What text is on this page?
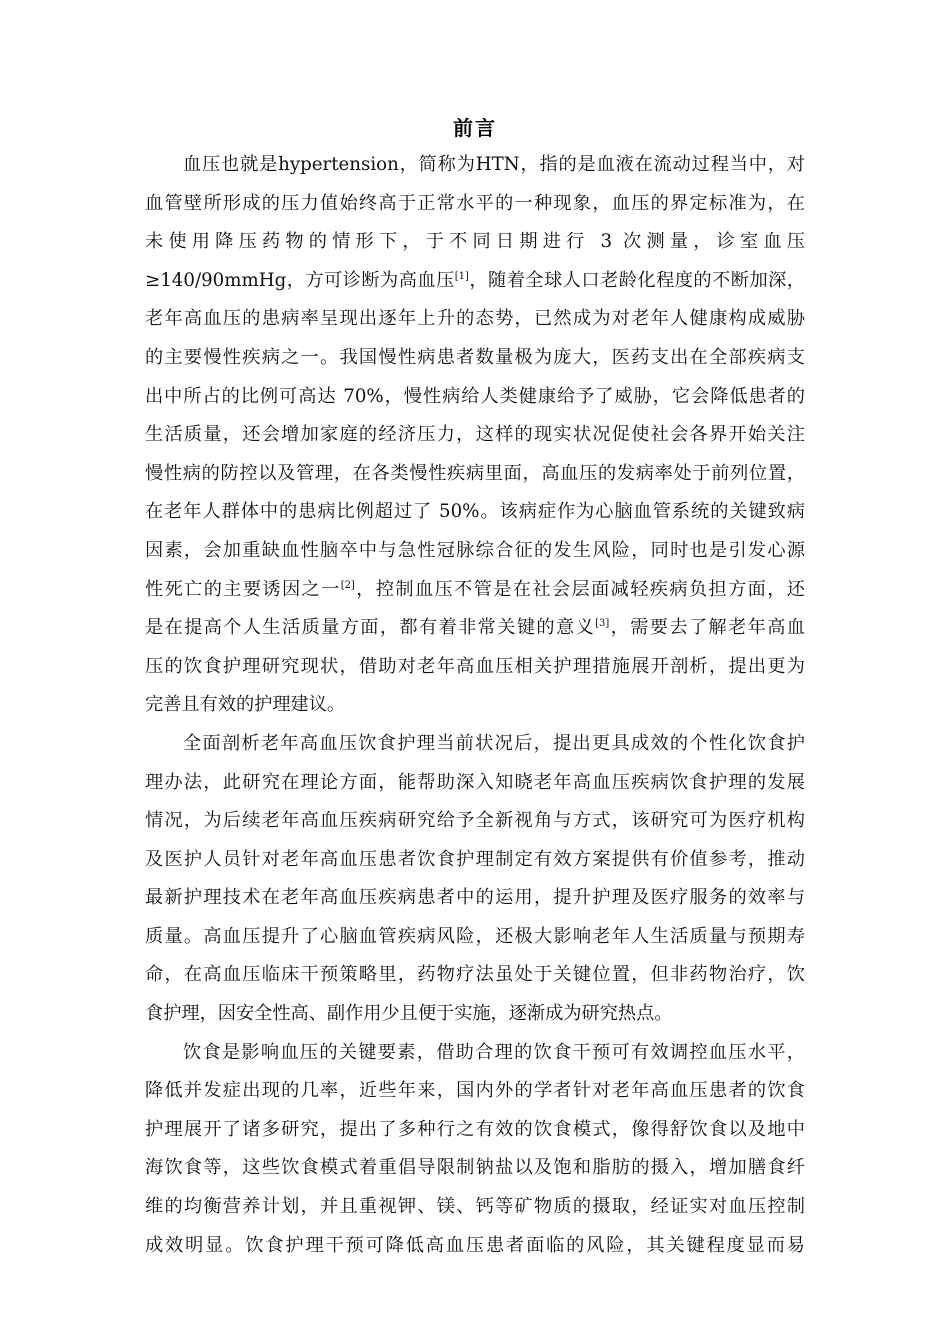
前言
血压也就是hypertension，简称为HTN，指的是血液在流动过程当中，对
血管壁所形成的压力值始终高于正常水平的一种现象，血压的界定标准为，在
未使用降压药物的情形下，于不同日期进行 3 次测量，诊室血压
≥140/90mmHg，方可诊断为高血压[1]，随着全球人口老龄化程度的不断加深，
老年高血压的患病率呈现出逐年上升的态势，已然成为对老年人健康构成威胁
的主要慢性疾病之一。我国慢性病患者数量极为庞大，医药支出在全部疾病支
出中所占的比例可高达 70%，慢性病给人类健康给予了威胁，它会降低患者的
生活质量，还会增加家庭的经济压力，这样的现实状况促使社会各界开始关注
慢性病的防控以及管理，在各类慢性疾病里面，高血压的发病率处于前列位置，
在老年人群体中的患病比例超过了 50%。该病症作为心脑血管系统的关键致病
因素，会加重缺血性脑卒中与急性冠脉综合征的发生风险，同时也是引发心源
性死亡的主要诱因之一[2]，控制血压不管是在社会层面减轻疾病负担方面，还
是在提高个人生活质量方面，都有着非常关键的意义[3]，需要去了解老年高血
压的饮食护理研究现状，借助对老年高血压相关护理措施展开剖析，提出更为
完善且有效的护理建议。
全面剖析老年高血压饮食护理当前状况后，提出更具成效的个性化饮食护
理办法，此研究在理论方面，能帮助深入知晓老年高血压疾病饮食护理的发展
情况，为后续老年高血压疾病研究给予全新视角与方式，该研究可为医疗机构
及医护人员针对老年高血压患者饮食护理制定有效方案提供有价值参考，推动
最新护理技术在老年高血压疾病患者中的运用，提升护理及医疗服务的效率与
质量。高血压提升了心脑血管疾病风险，还极大影响老年人生活质量与预期寿
命，在高血压临床干预策略里，药物疗法虽处于关键位置，但非药物治疗，饮
食护理，因安全性高、副作用少且便于实施，逐渐成为研究热点。
饮食是影响血压的关键要素，借助合理的饮食干预可有效调控血压水平，
降低并发症出现的几率，近些年来，国内外的学者针对老年高血压患者的饮食
护理展开了诸多研究，提出了多种行之有效的饮食模式，像得舒饮食以及地中
海饮食等，这些饮食模式着重倡导限制钠盐以及饱和脂肪的摄入，增加膳食纤
维的均衡营养计划，并且重视钾、镁、钙等矿物质的摄取，经证实对血压控制
成效明显。饮食护理干预可降低高血压患者面临的风险，其关键程度显而易
